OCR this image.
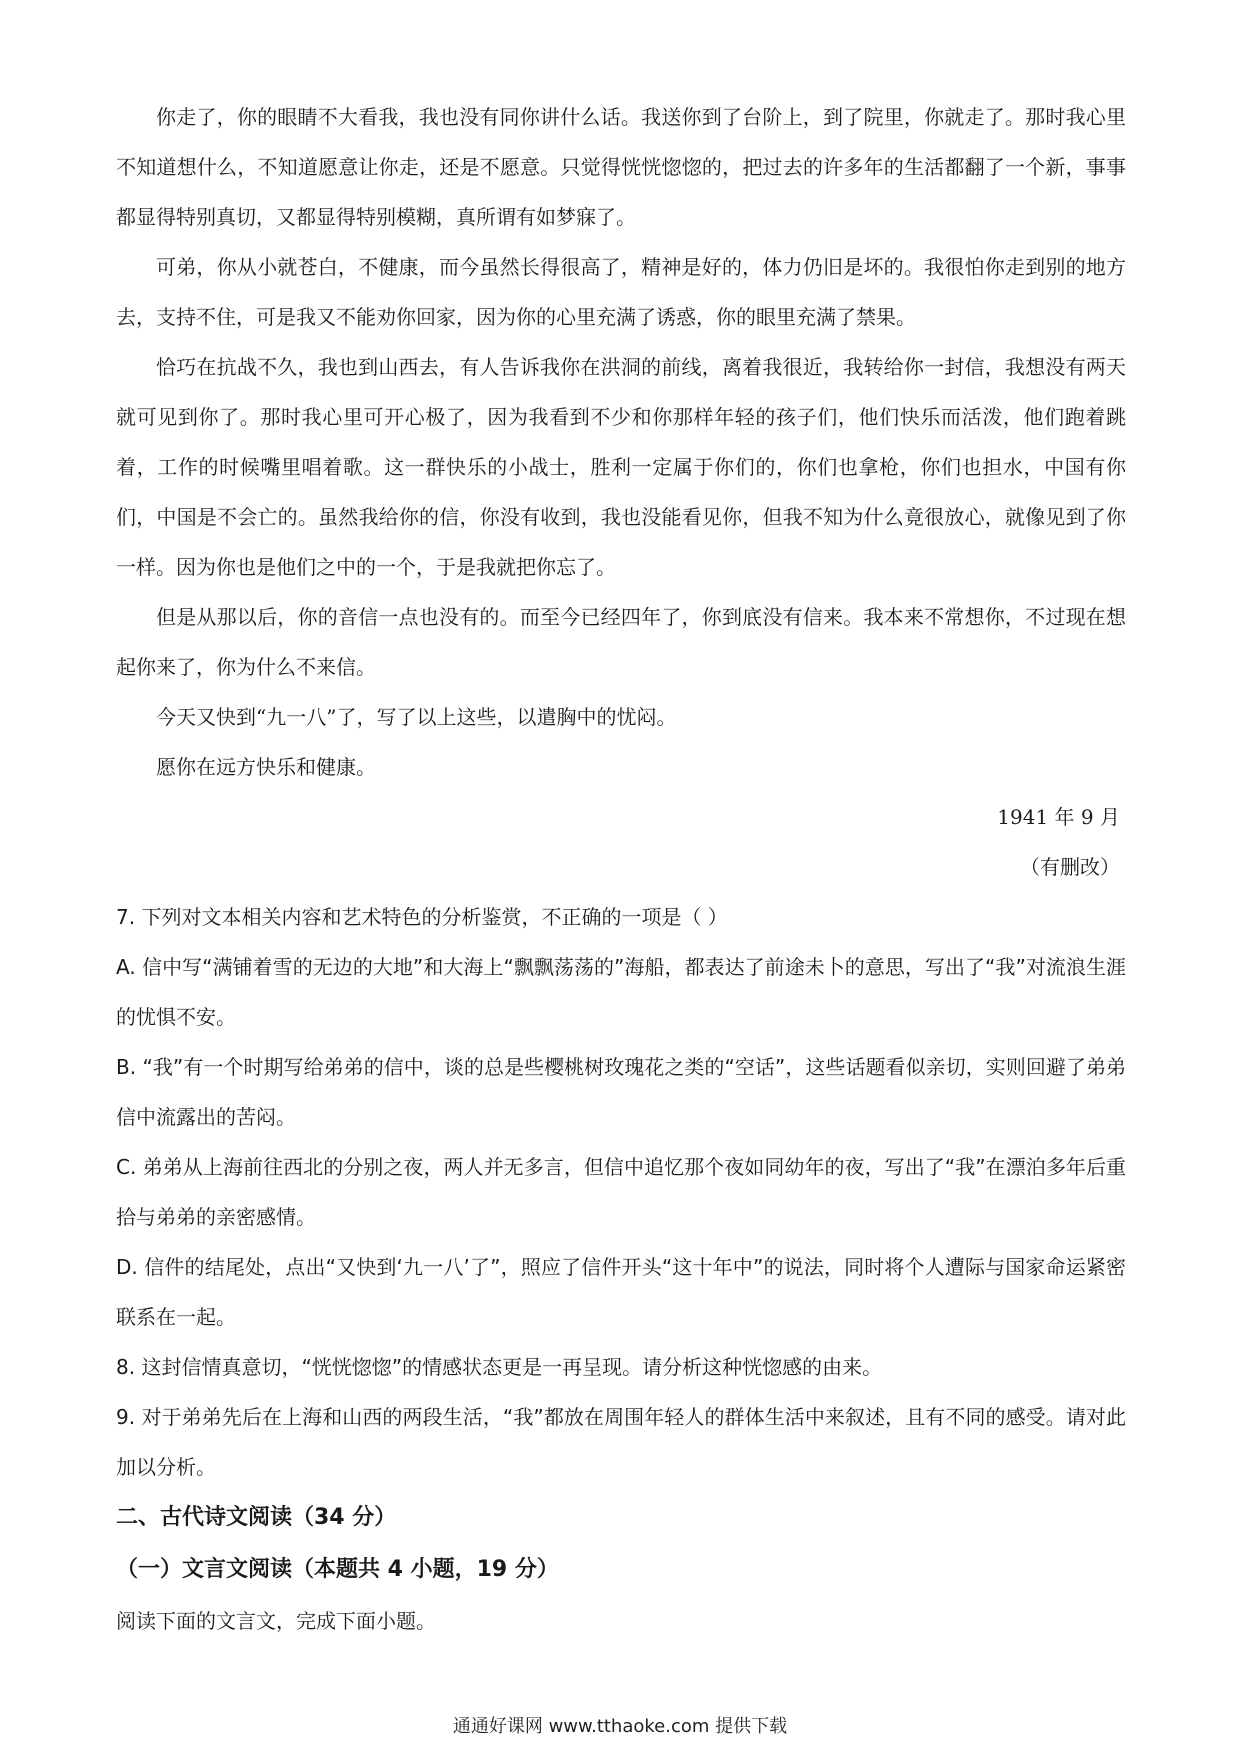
你走了，你的眼睛不大看我，我也没有同你讲什么话。我送你到了台阶上，到了院里，你就走了。那时我心里不知道想什么，不知道愿意让你走，还是不愿意。只觉得恍恍惚惚的，把过去的许多年的生活都翻了一个新，事事都显得特别真切，又都显得特别模糊，真所谓有如梦寐了。

可弟，你从小就苍白，不健康，而今虽然长得很高了，精神是好的，体力仍旧是坏的。我很怕你走到别的地方去，支持不住，可是我又不能劝你回家，因为你的心里充满了诱惑，你的眼里充满了禁果。

恰巧在抗战不久，我也到山西去，有人告诉我你在洪洞的前线，离着我很近，我转给你一封信，我想没有两天就可见到你了。那时我心里可开心极了，因为我看到不少和你那样年轻的孩子们，他们快乐而活泼，他们跑着跳着，工作的时候嘴里唱着歌。这一群快乐的小战士，胜利一定属于你们的，你们也拿枪，你们也担水，中国有你们，中国是不会亡的。虽然我给你的信，你没有收到，我也没能看见你，但我不知为什么竟很放心，就像见到了你一样。因为你也是他们之中的一个，于是我就把你忘了。

但是从那以后，你的音信一点也没有的。而至今已经四年了，你到底没有信来。我本来不常想你，不过现在想起你来了，你为什么不来信。

今天又快到“九一八”了，写了以上这些，以遣胸中的忧闷。

愿你在远方快乐和健康。

1941 年 9 月

（有删改）

7. 下列对文本相关内容和艺术特色的分析鉴赏，不正确的一项是（ ）

A. 信中写“满铺着雪的无边的大地”和大海上“飘飘荡荡的”海船，都表达了前途未卜的意思，写出了“我”对流浪生涯的忧惧不安。

B. “我”有一个时期写给弟弟的信中，谈的总是些樱桃树玫瑰花之类的“空话”，这些话题看似亲切，实则回避了弟弟信中流露出的苦闷。

C. 弟弟从上海前往西北的分别之夜，两人并无多言，但信中追忆那个夜如同幼年的夜，写出了“我”在漂泊多年后重拾与弟弟的亲密感情。

D. 信件的结尾处，点出“又快到‘九一八’了”，照应了信件开头“这十年中”的说法，同时将个人遭际与国家命运紧密联系在一起。

8. 这封信情真意切，“恍恍惚惚”的情感状态更是一再呈现。请分析这种恍惚感的由来。

9. 对于弟弟先后在上海和山西的两段生活，“我”都放在周围年轻人的群体生活中来叙述，且有不同的感受。请对此加以分析。

二、古代诗文阅读（34 分）

（一）文言文阅读（本题共 4 小题，19 分）

阅读下面的文言文，完成下面小题。

通通好课网 www.tthaoke.com 提供下载
